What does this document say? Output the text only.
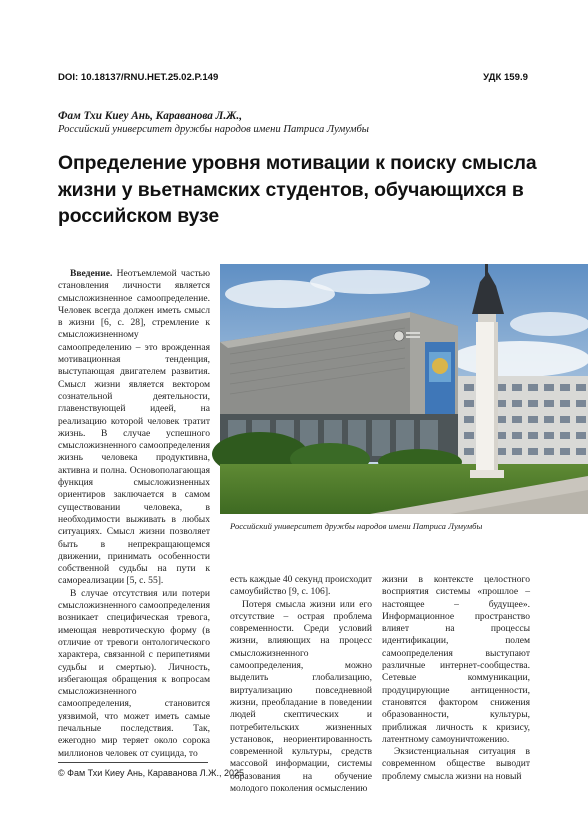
DOI: 10.18137/RNU.HET.25.02.P.149	УДК 159.9
Фам Тхи Киеу Ань, Караванова Л.Ж.,
Российский университет дружбы народов имени Патриса Лумумбы
Определение уровня мотивации к поиску смысла жизни у вьетнамских студентов, обучающихся в российском вузе

Введение. Неотъемлемой частью становления личности является смысложизненное самоопределение. Человек всегда должен иметь смысл в жизни [6, с. 28], стремление к смысложизненному самоопределению – это врожденная мотивационная тенденция, выступающая двигателем развития. Смысл жизни является вектором сознательной деятельности, главенствующей идеей, на реализацию которой человек тратит жизнь. В случае успешного смысложизненного самоопределения жизнь человека продуктивна, активна и полна. Основополагающая функция смысложизненных ориентиров заключается в самом существовании человека, в необходимости выживать в любых ситуациях. Смысл жизни позволяет быть в непрекращающемся движении, принимать особенности собственной судьбы на пути к самореализации [5, с. 55].

В случае отсутствия или потери смысложизненного самоопределения возникает специфическая тревога, имеющая невротическую форму (в отличие от тревоги онтологического характера, связанной с перипетиями судьбы и смертью). Личность, избегающая обращения к вопросам смысложизненного самоопределения, становится уязвимой, что может иметь самые печальные последствия. Так, ежегодно мир теряет около сорока миллионов человек от суицида, то

Российский университет дружбы народов имени Патриса Лумумбы

есть каждые 40 секунд происходит самоубийство [9, с. 106].

Потеря смысла жизни или его отсутствие – острая проблема современности. Среди условий жизни, влияющих на процесс смысложизненного самоопределения, можно выделить глобализацию, виртуализацию повседневной жизни, преобладание в поведении людей скептических и потребительских жизненных установок, неориентированность современной культуры, средств массовой информации, системы образования на обучение молодого поколения осмыслению

жизни в контексте целостного восприятия системы «прошлое – настоящее – будущее». Информационное пространство влияет на процессы идентификации, полем самоопределения выступают различные интернет-сообщества. Сетевые коммуникации, продуцирующие антиценности, становятся фактором снижения образованности, культуры, приближая личность к кризису, латентному самоуничтожению.

Экзистенциальная ситуация в современном обществе выводит проблему смысла жизни на новый

© Фам Тхи Киеу Ань, Караванова Л.Ж., 2025
